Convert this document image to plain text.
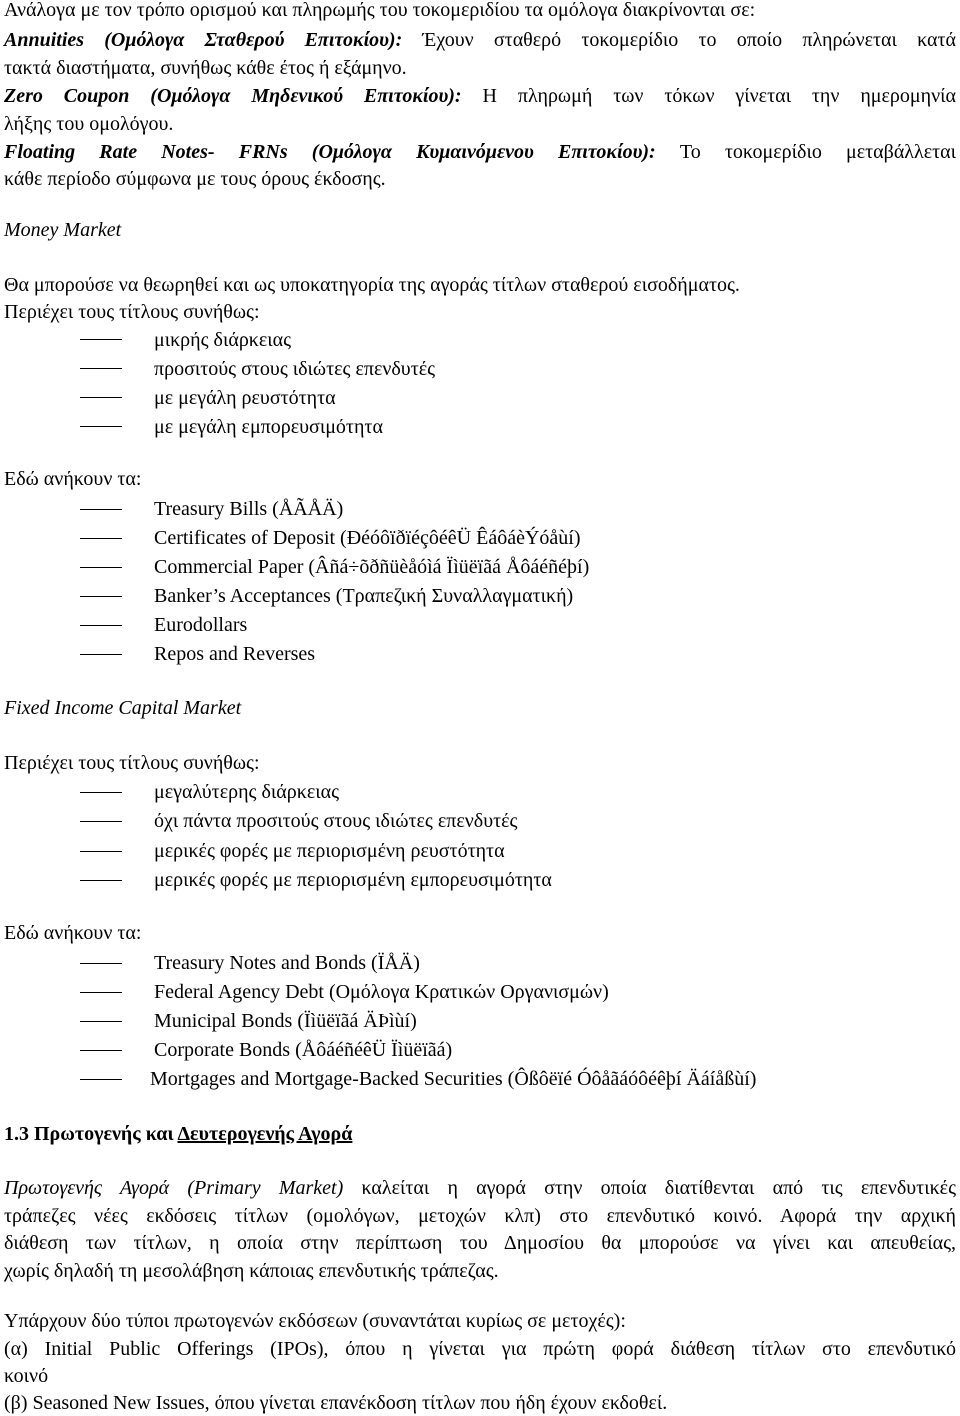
Ανάλογα με τον τρόπο ορισμού και πληρωμής του τοκομεριδίου τα ομόλογα διακρίνονται σε:
Annuities (Ομόλογα Σταθερού Επιτοκίου): Έχουν σταθερό τοκομερίδιο το οποίο πληρώνεται κατά
τακτά διαστήματα, συνήθως κάθε έτος ή εξάμηνο.
Zero Coupon (Ομόλογα Μηδενικού Επιτοκίου): Η πληρωμή των τόκων γίνεται την ημερομηνία
λήξης του ομολόγου.
Floating Rate Notes- FRNs (Ομόλογα Κυμαινόμενου Επιτοκίου): Το τοκομερίδιο μεταβάλλεται
κάθε περίοδο σύμφωνα με τους όρους έκδοσης.
Money Market
Θα μπορούσε να θεωρηθεί και ως υποκατηγορία της αγοράς τίτλων σταθερού εισοδήματος.
Περιέχει τους τίτλους συνήθως:
μικρής διάρκειας
προσιτούς στους ιδιώτες επενδυτές
με μεγάλη ρευστότητα
με μεγάλη εμπορευσιμότητα
Εδώ ανήκουν τα:
Treasury Bills (ÅÃÅÄ)
Certificates of Deposit (ÐéóôïðïéçôéêÜ ÊáôáèÝóåùí)
Commercial Paper (Âñá÷õðñüèåóìá Ïìüëïãá Åôáéñéþí)
Banker’s Acceptances (Τραπεζική Συναλλαγματική)
Eurodollars
Repos and Reverses
Fixed Income Capital Market
Περιέχει τους τίτλους συνήθως:
μεγαλύτερης διάρκειας
όχι πάντα προσιτούς στους ιδιώτες επενδυτές
μερικές φορές με περιορισμένη ρευστότητα
μερικές φορές με περιορισμένη εμπορευσιμότητα
Εδώ ανήκουν τα:
Treasury Notes and Bonds (ÏÅÄ)
Federal Agency Debt (Ομόλογα Κρατικών Οργανισμών)
Municipal Bonds (Ïìüëïãá ÄÞìùí)
Corporate Bonds (ÅôáéñéêÜ Ïìüëïãá)
Mortgages and Mortgage-Backed Securities (Ôßôëïé Óôåãáóôéêþí Äáíåßùí)
1.3 Πρωτογενής και Δευτερογενής Αγορά
Πρωτογενής Αγορά (Primary Market) καλείται η αγορά στην οποία διατίθενται από τις επενδυτικές
τράπεζες νέες εκδόσεις τίτλων (ομολόγων, μετοχών κλπ) στο επενδυτικό κοινό. Αφορά την αρχική
διάθεση των τίτλων, η οποία στην περίπτωση του Δημοσίου θα μπορούσε να γίνει και απευθείας,
χωρίς δηλαδή τη μεσολάβηση κάποιας επενδυτικής τράπεζας.
Υπάρχουν δύο τύποι πρωτογενών εκδόσεων (συναντάται κυρίως σε μετοχές):
(α) Initial Public Offerings (IPOs), όπου η γίνεται για πρώτη φορά διάθεση τίτλων στο επενδυτικό
κοινό
(β) Seasoned New Issues, όπου γίνεται επανέκδοση τίτλων που ήδη έχουν εκδοθεί.
